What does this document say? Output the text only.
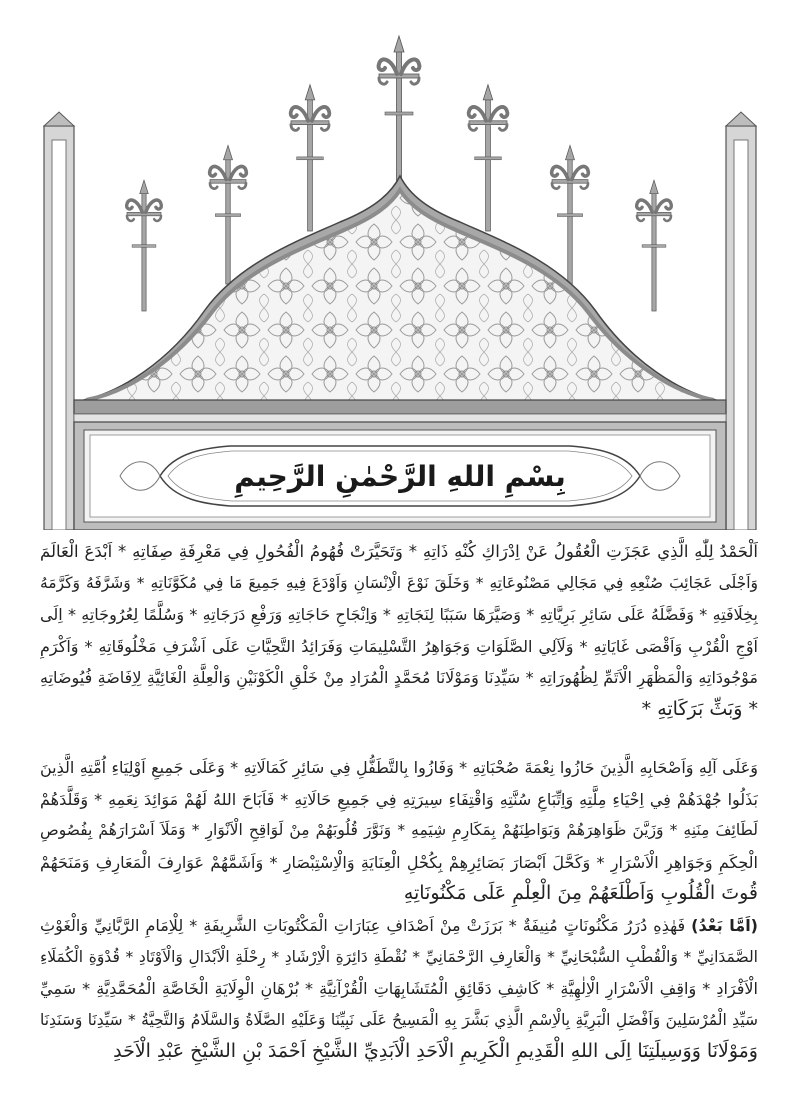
بِسْمِ اللهِ الرَّحْمٰنِ الرَّحِيمِ
اَلْحَمْدُ لِلّٰهِ الَّذِي عَجَزَتِ الْعُقُولُ عَنْ اِدْرَاكِ كُنْهِ ذَاتِهِ * وَتَحَيَّرَتْ فُهُومُ الْفُحُولِ فِي مَعْرِفَةِ صِفَاتِهِ * اَبْدَعَ الْعَالَمَ
وَاَجْلَى عَجَائِبَ صُنْعِهِ فِي مَجَالِي مَصْنُوعَاتِهِ * وَخَلَقَ نَوْعَ الْاِنْسَانِ وَاَوْدَعَ فِيهِ جَمِيعَ مَا فِي مُكَوَّنَاتِهِ * وَشَرَّفَهُ وَكَرَّمَهُ
بِخِلَافَتِهِ * وَفَضَّلَهُ عَلَى سَائِرِ بَرِيَّاتِهِ * وَصَيَّرَهَا سَبَبًا لِنَجَاتِهِ * وَاِنْجَاحِ حَاجَاتِهِ وَرَفْعِ دَرَجَاتِهِ * وَسُلَّمًا لِعُرُوجَاتِهِ * اِلَى
اَوْجِ الْقُرْبِ وَاَقْصَى غَايَاتِهِ * وَلَآلِي الصَّلَوَاتِ وَجَوَاهِرُ التَّسْلِيمَاتِ وَفَرَائِدُ التَّحِيَّاتِ عَلَى اَشْرَفِ مَخْلُوقَاتِهِ * وَاَكْرَمِ
مَوْجُودَاتِهِ وَالْمَظْهَرِ الْاَتَمِّ لِظُهُورَاتِهِ * سَيِّدِنَا وَمَوْلَانَا مُحَمَّدٍ الْمُرَادِ مِنْ خَلْقِ الْكَوْنَيْنِ وَالْعِلَّةِ الْغَائِيَّةِ لِاِفَاضَةِ فُيُوضَاتِهِ
* وَبَثِّ بَرَكَاتِهِ *
وَعَلَى آلِهِ وَاَصْحَابِهِ الَّذِينَ حَازُوا نِعْمَةَ صُحْبَاتِهِ * وَفَازُوا بِالتَّطَفُّلِ فِي سَائِرِ كَمَالَاتِهِ * وَعَلَى جَمِيعِ اَوْلِيَاءِ اُمَّتِهِ الَّذِينَ
بَذَلُوا جُهْدَهُمْ فِي اِحْيَاءِ مِلَّتِهِ وَاِتِّبَاعِ سُنَّتِهِ وَاقْتِفَاءِ سِيرَتِهِ فِي جَمِيعِ حَالَاتِهِ * فَاَبَاحَ اللهُ لَهُمْ مَوَائِدَ نِعَمِهِ * وَقَلَّدَهُمْ
لَطَائِفَ مِنَنِهِ * وَزَيَّنَ ظَوَاهِرَهُمْ وَبَوَاطِنَهُمْ بِمَكَارِمِ شِيَمِهِ * وَنَوَّرَ قُلُوبَهُمْ مِنْ لَوَاقِحِ الْاَنْوَارِ * وَمَلَاَ اَسْرَارَهُمْ بِفُصُوصِ
الْحِكَمِ وَجَوَاهِرِ الْاَسْرَارِ * وَكَحَّلَ اَبْصَارَ بَصَائِرِهِمْ بِكُحْلِ الْعِنَايَةِ وَالْاِسْتِبْصَارِ * وَاَشَمَّهُمْ عَوَارِفَ الْمَعَارِفِ وَمَنَحَهُمْ
قُوتَ الْقُلُوبِ وَاَطْلَعَهُمْ مِنَ الْعِلْمِ عَلَى مَكْنُونَاتِهِ
(اَمَّا بَعْدُ) فَهٰذِهِ دُرَرُ مَكْنُونَاتٍ مُنِيفَةٌ * بَرَزَتْ مِنْ اَصْدَافِ عِبَارَاتِ الْمَكْتُوبَاتِ الشَّرِيفَةِ * لِلْاِمَامِ الرَّبَّانِيِّ وَالْغَوْثِ
الصَّمَدَانِيِّ * وَالْقُطْبِ السُّبْحَانِيِّ * وَالْعَارِفِ الرَّحْمَانِيِّ * نُقْطَةِ دَائِرَةِ الْاِرْشَادِ * رِحْلَةِ الْاَبْدَالِ وَالْاَوْتَادِ * قُدْوَةِ الْكُمَلَاءِ
الْاَفْرَادِ * وَاقِفِ الْاَسْرَارِ الْاِلٰهِيَّةِ * كَاشِفِ دَقَائِقِ الْمُتَشَابِهَاتِ الْقُرْآنِيَّةِ * بُرْهَانِ الْوِلَايَةِ الْخَاصَّةِ الْمُحَمَّدِيَّةِ * سَمِيِّ
سَيِّدِ الْمُرْسَلِينَ وَاَفْضَلِ الْبَرِيَّةِ بِالْاِسْمِ الَّذِي بَشَّرَ بِهِ الْمَسِيحُ عَلَى نَبِيِّنَا وَعَلَيْهِ الصَّلَاةُ وَالسَّلَامُ وَالتَّحِيَّةُ * سَيِّدِنَا وَسَنَدِنَا
وَمَوْلَانَا وَوَسِيلَتِنَا اِلَى اللهِ الْقَدِيمِ الْكَرِيمِ الْاَحَدِ الْاَبَدِيِّ الشَّيْخِ اَحْمَدَ بْنِ الشَّيْخِ عَبْدِ الْاَحَدِ
